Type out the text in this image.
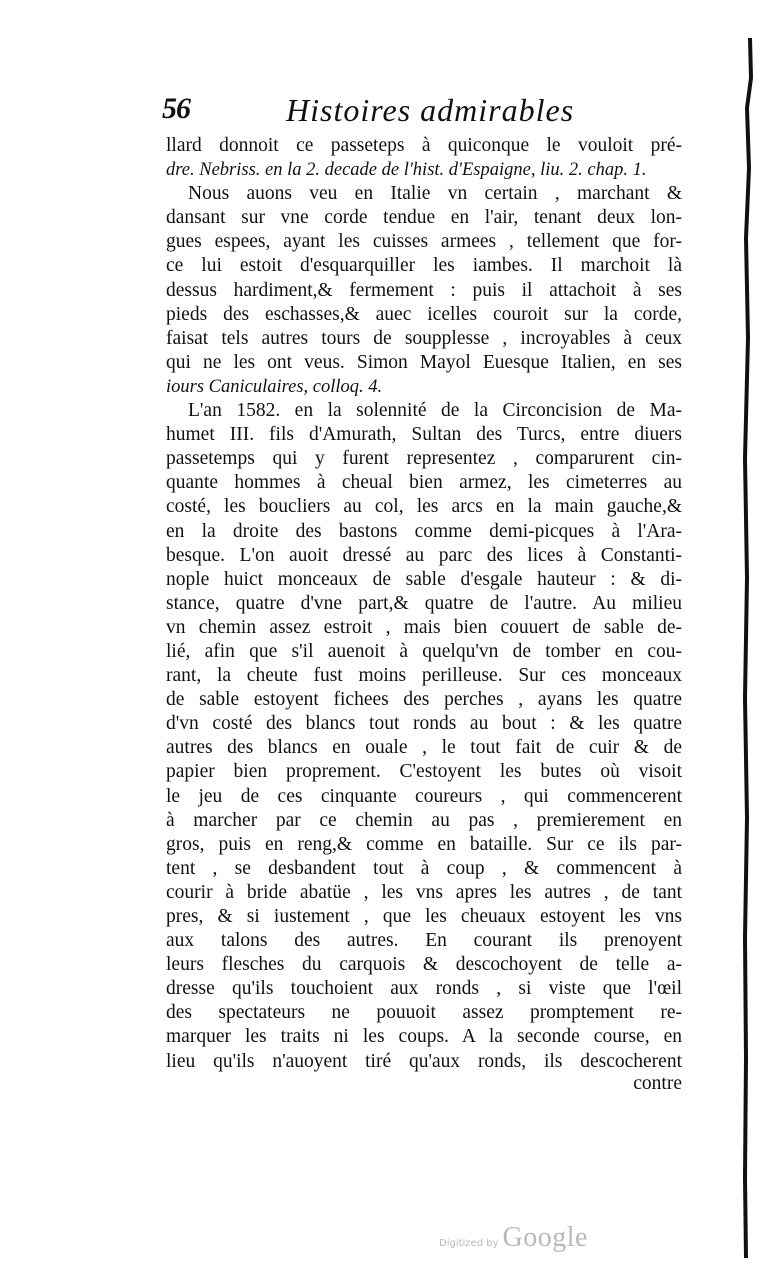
56	Histoires admirables
llard donnoit ce passeteps à quiconque le vouloit pré-
dre. Nebriss. en la 2. decade de l'hist. d'Espaigne, liu. 2. chap. 1.
Nous auons veu en Italie vn certain , marchant &
dansant sur vne corde tendue en l'air, tenant deux lon-
gues espees, ayant les cuisses armees , tellement que for-
ce lui estoit d'esquarquiller les iambes. Il marchoit là
dessus hardiment,& fermement : puis il attachoit à ses
pieds des eschasses,& auec icelles couroit sur la corde,
faisat tels autres tours de soupplesse , incroyables à ceux
qui ne les ont veus. Simon Mayol Euesque Italien, en ses
iours Caniculaires, colloq. 4.
L'an 1582. en la solennité de la Circoncision de Ma-
humet III. fils d'Amurath, Sultan des Turcs, entre diuers
passetemps qui y furent representez , comparurent cin-
quante hommes à cheual bien armez, les cimeterres au
costé, les boucliers au col, les arcs en la main gauche,&
en la droite des bastons comme demi-picques à l'Ara-
besque. L'on auoit dressé au parc des lices à Constanti-
nople huict monceaux de sable d'esgale hauteur : & di-
stance, quatre d'vne part,& quatre de l'autre. Au milieu
vn chemin assez estroit , mais bien couuert de sable de-
lié, afin que s'il auenoit à quelqu'vn de tomber en cou-
rant, la cheute fust moins perilleuse. Sur ces monceaux
de sable estoyent fichees des perches , ayans les quatre
d'vn costé des blancs tout ronds au bout : & les quatre
autres des blancs en ouale , le tout fait de cuir & de
papier bien proprement. C'estoyent les butes où visoit
le jeu de ces cinquante coureurs , qui commencerent
à marcher par ce chemin au pas , premierement en
gros, puis en reng,& comme en bataille. Sur ce ils par-
tent , se desbandent tout à coup , & commencent à
courir à bride abatüe , les vns apres les autres , de tant
pres, & si iustement , que les cheuaux estoyent les vns
aux talons des autres. En courant ils prenoyent
leurs flesches du carquois & descochoyent de telle a-
dresse qu'ils touchoient aux ronds , si viste que l'œil
des spectateurs ne pouuoit assez promptement re-
marquer les traits ni les coups. A la seconde course, en
lieu qu'ils n'auoyent tiré qu'aux ronds, ils descocherent
contre
Digitized by Google
